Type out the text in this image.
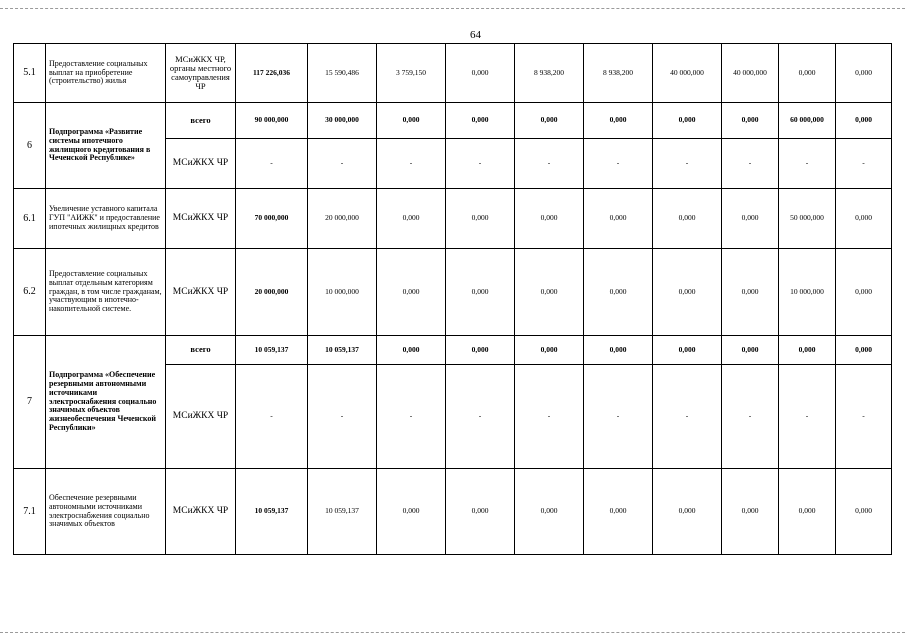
64
5.1	Предоставление социальных выплат на приобретение (строительство) жилья	МСиЖКХ ЧР, органы местного самоуправления ЧР	117 226,036	15 590,486	3 759,150	0,000	8 938,200	8 938,200	40 000,000	40 000,000	0,000	0,000
6	Подпрограмма «Развитие системы ипотечного жилищного кредитования в Чеченской Республике»	всего	90 000,000	30 000,000	0,000	0,000	0,000	0,000	0,000	0,000	60 000,000	0,000
		МСиЖКХ ЧР	-	-	-	-	-	-	-	-	-	-
6.1	Увеличение уставного капитала ГУП "АИЖК" и предоставление ипотечных жилищных кредитов	МСиЖКХ ЧР	70 000,000	20 000,000	0,000	0,000	0,000	0,000	0,000	0,000	50 000,000	0,000
6.2	Предоставление социальных выплат отдельным категориям граждан, в том числе гражданам, участвующим в ипотечно-накопительной системе.	МСиЖКХ ЧР	20 000,000	10 000,000	0,000	0,000	0,000	0,000	0,000	0,000	10 000,000	0,000
7	Подпрограмма «Обеспечение резервными автономными источниками электроснабжения социально значимых объектов жизнеобеспечения Чеченской Республики»	всего	10 059,137	10 059,137	0,000	0,000	0,000	0,000	0,000	0,000	0,000	0,000
		МСиЖКХ ЧР	-	-	-	-	-	-	-	-	-	-
7.1	Обеспечение резервными автономными источниками электроснабжения социально значимых объектов	МСиЖКХ ЧР	10 059,137	10 059,137	0,000	0,000	0,000	0,000	0,000	0,000	0,000	0,000
